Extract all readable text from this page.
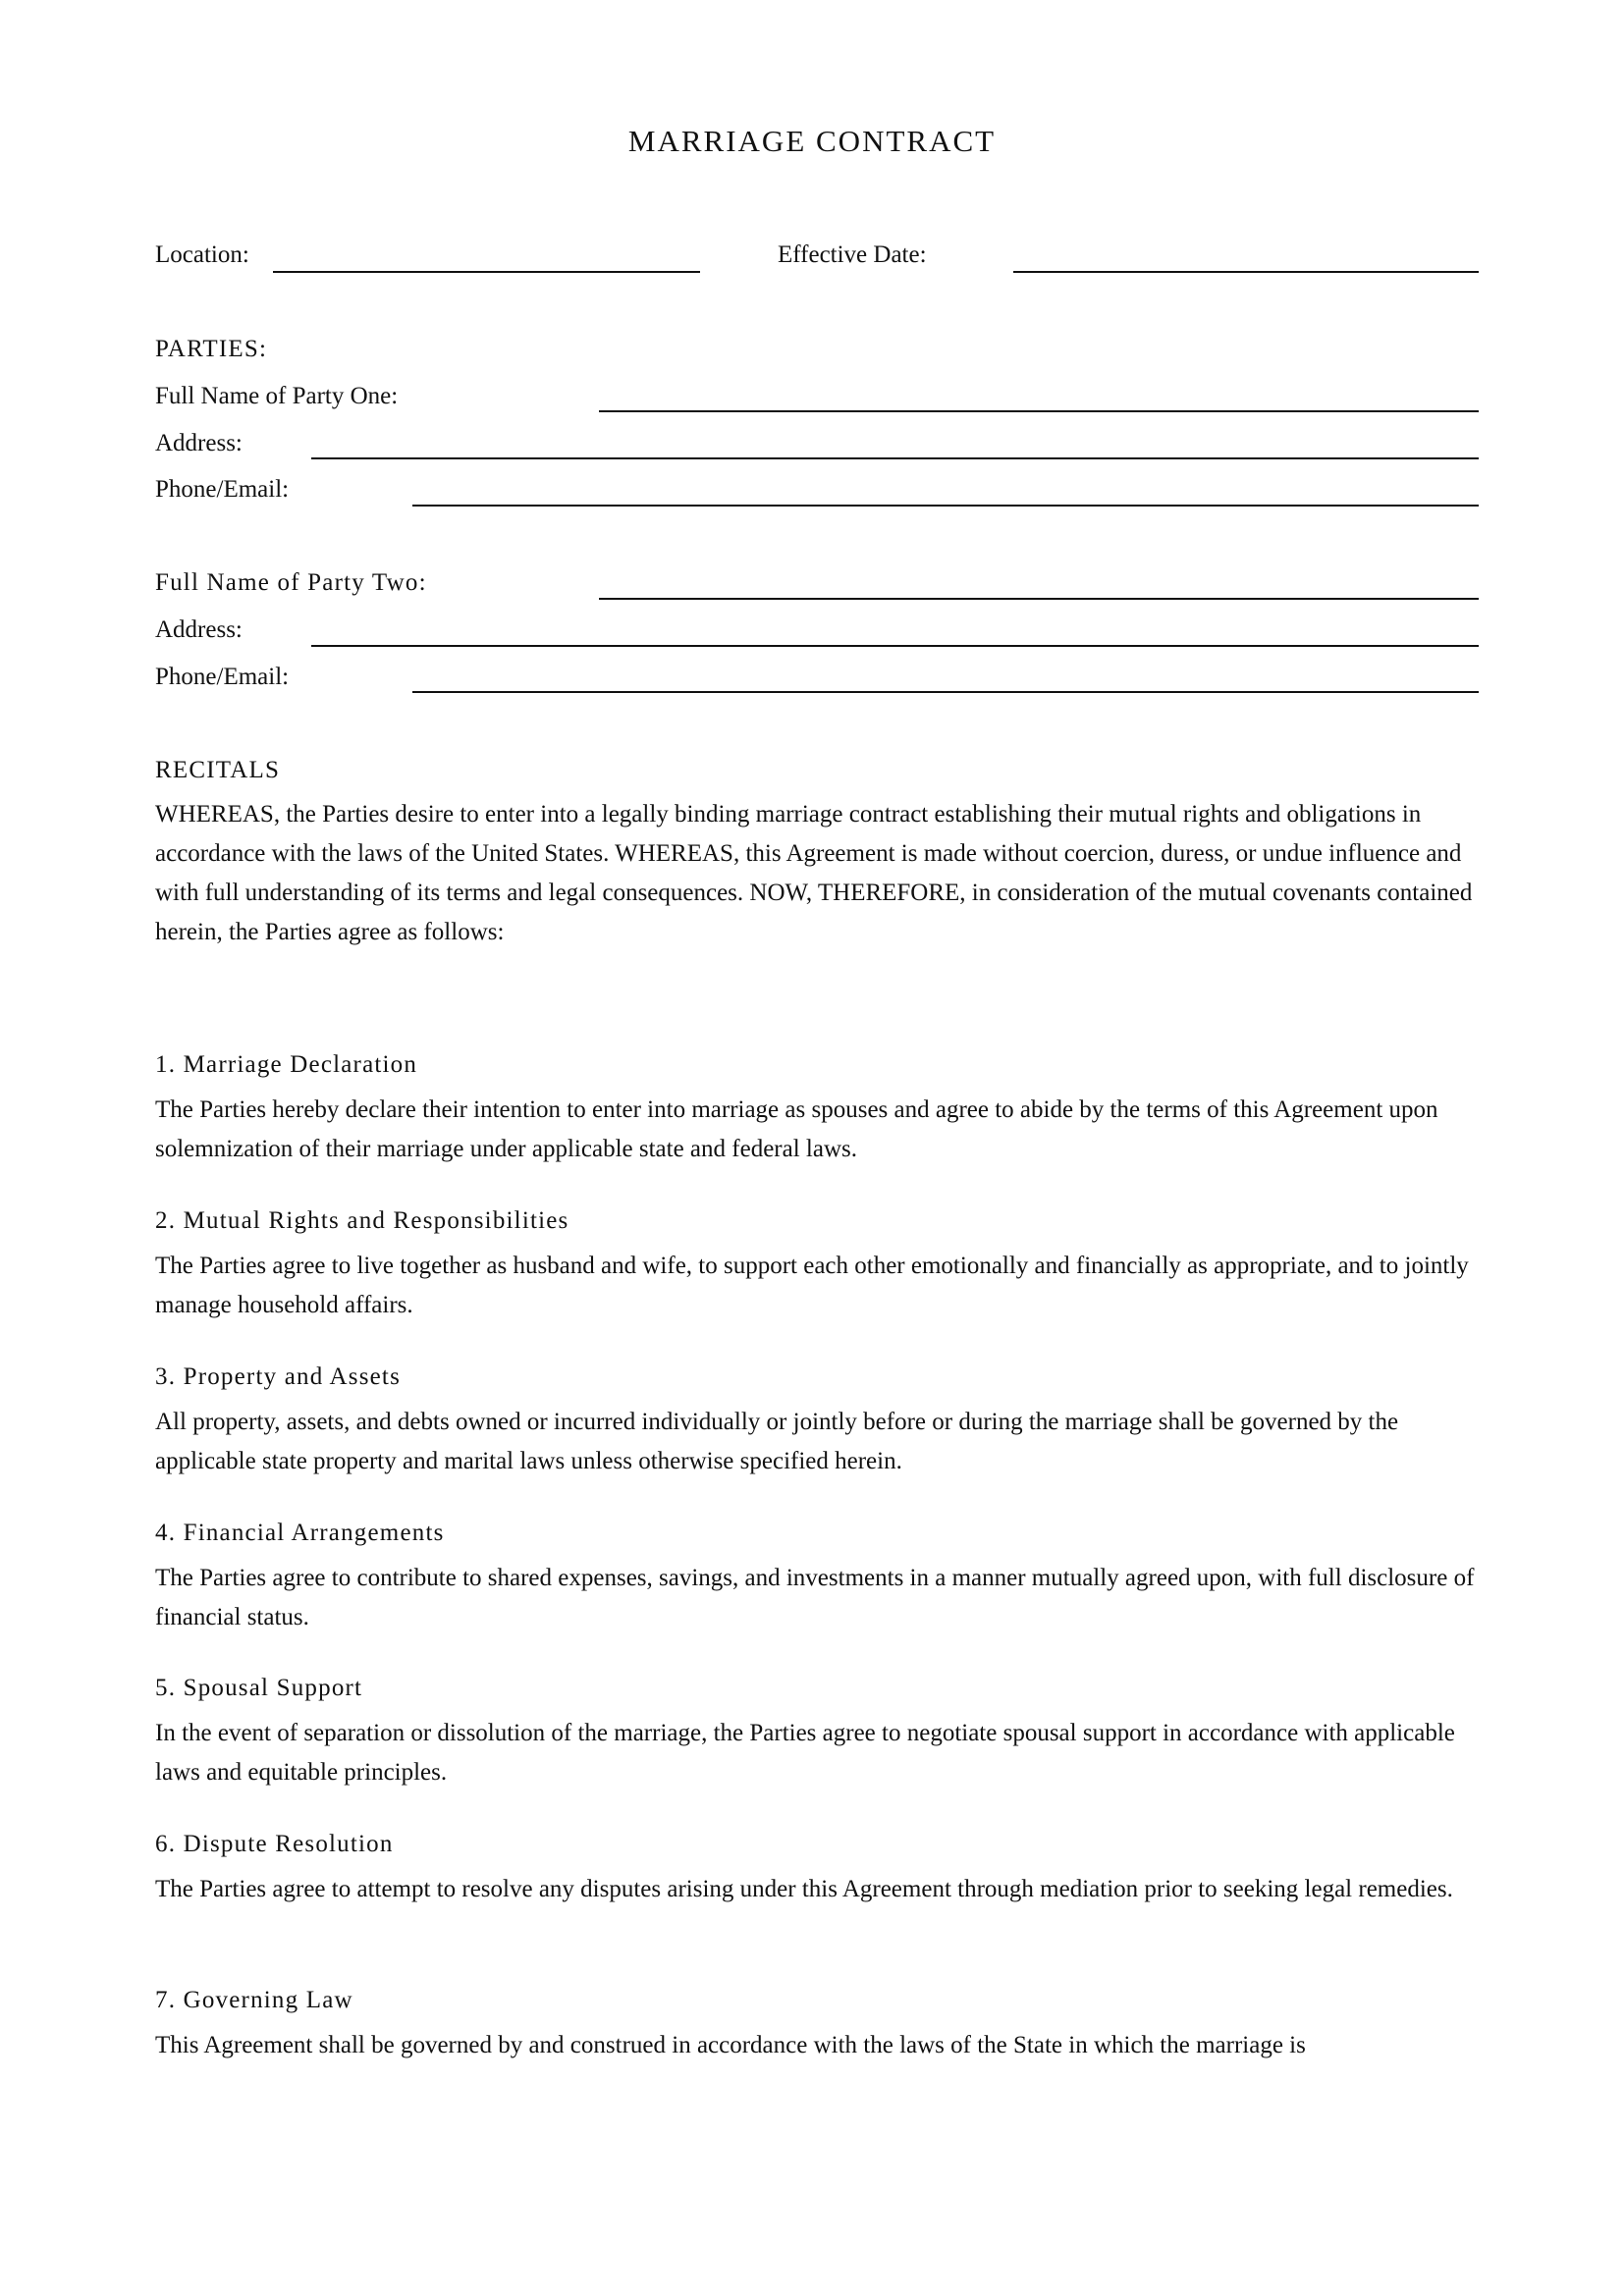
MARRIAGE CONTRACT
Location:	Effective Date:
PARTIES:
Full Name of Party One:
Address:
Phone/Email:
Full Name of Party Two:
Address:
Phone/Email:
RECITALS
WHEREAS, the Parties desire to enter into a legally binding marriage contract establishing their mutual rights and obligations in accordance with the laws of the United States. WHEREAS, this Agreement is made without coercion, duress, or undue influence and with full understanding of its terms and legal consequences. NOW, THEREFORE, in consideration of the mutual covenants contained herein, the Parties agree as follows:
1. Marriage Declaration
The Parties hereby declare their intention to enter into marriage as spouses and agree to abide by the terms of this Agreement upon solemnization of their marriage under applicable state and federal laws.
2. Mutual Rights and Responsibilities
The Parties agree to live together as husband and wife, to support each other emotionally and financially as appropriate, and to jointly manage household affairs.
3. Property and Assets
All property, assets, and debts owned or incurred individually or jointly before or during the marriage shall be governed by the applicable state property and marital laws unless otherwise specified herein.
4. Financial Arrangements
The Parties agree to contribute to shared expenses, savings, and investments in a manner mutually agreed upon, with full disclosure of financial status.
5. Spousal Support
In the event of separation or dissolution of the marriage, the Parties agree to negotiate spousal support in accordance with applicable laws and equitable principles.
6. Dispute Resolution
The Parties agree to attempt to resolve any disputes arising under this Agreement through mediation prior to seeking legal remedies.
7. Governing Law
This Agreement shall be governed by and construed in accordance with the laws of the State in which the marriage is
